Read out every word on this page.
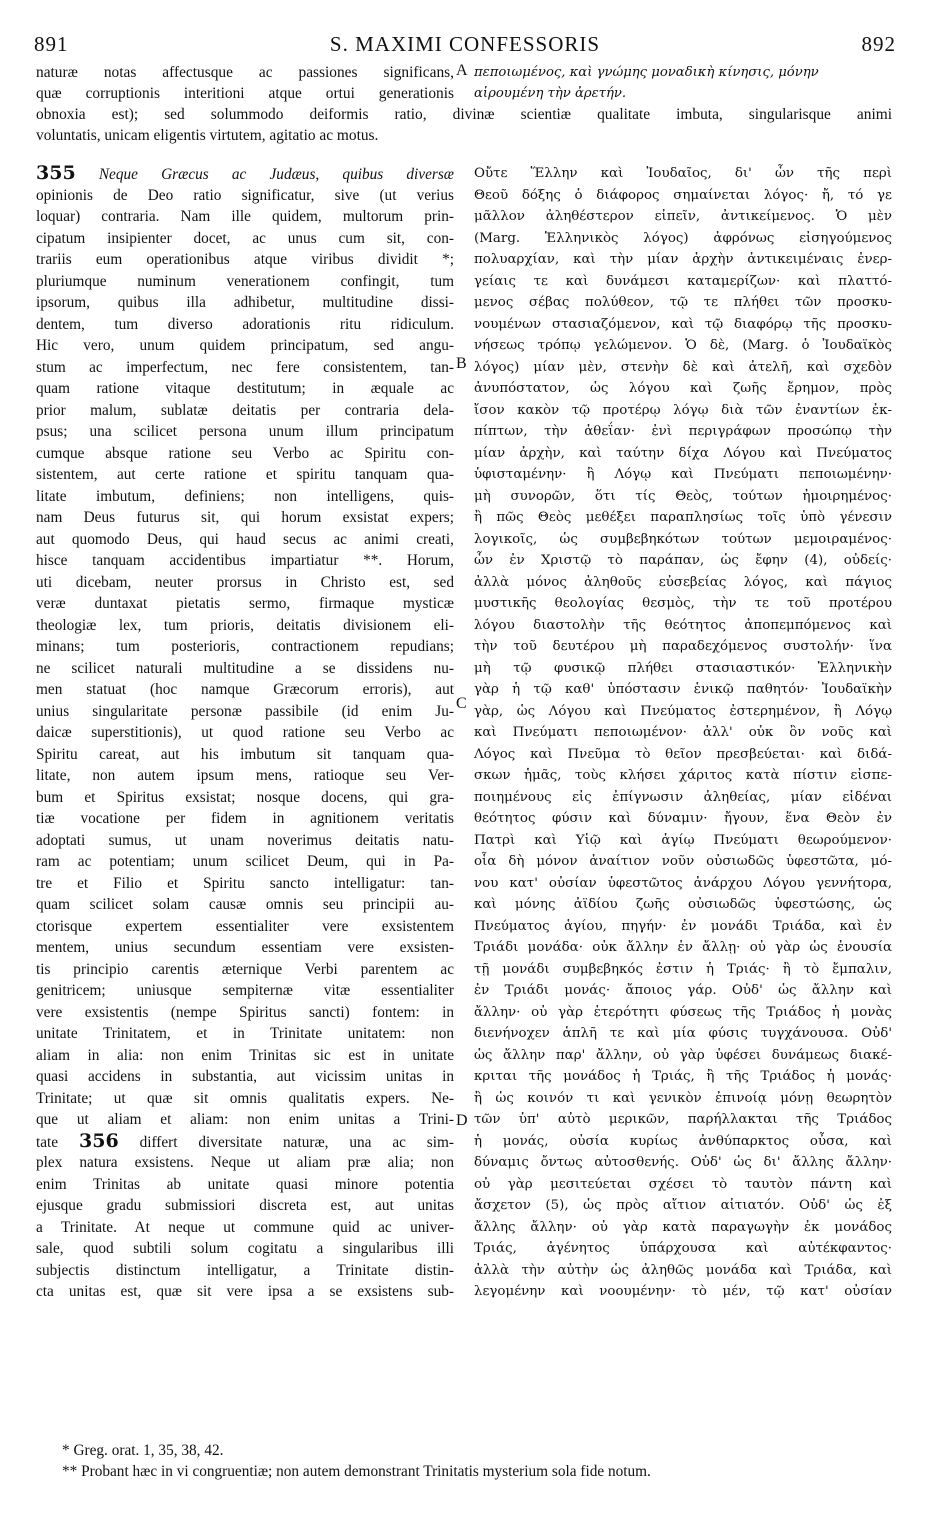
891	S. MAXIMI CONFESSORIS	892
naturæ notas affectusque ac passiones significans, πεποιωμένος, καὶ γνώμης μοναδικὴ κίνησις, μόνην
quæ corruptionis interitioni atque ortui generationis αἱρουμένη τὴν ἀρετήν.
obnoxia est); sed solummodo deiformis ratio, divinæ scientiæ qualitate imbuta, singularisque animi
voluntatis, unicam eligentis virtutem, agitatio ac motus.
A
B
C
D
355 Neque Græcus ac Judæus, quibus diversæ
opinionis de Deo ratio significatur, sive (ut verius
loquar) contraria. Nam ille quidem, multorum prin-
cipatum insipienter docet, ac unus cum sit, con-
trariis eum operationibus atque viribus dividit *;
pluriumque numinum venerationem confingit, tum
ipsorum, quibus illa adhibetur, multitudine dissi-
dentem, tum diverso adorationis ritu ridiculum.
Hic vero, unum quidem principatum, sed angu-
stum ac imperfectum, nec fere consistentem, tan-
quam ratione vitaque destitutum; in æquale ac
prior malum, sublatæ deitatis per contraria dela-
psus; una scilicet persona unum illum principatum
cumque absque ratione seu Verbo ac Spiritu con-
sistentem, aut certe ratione et spiritu tanquam qua-
litate imbutum, definiens; non intelligens, quis-
nam Deus futurus sit, qui horum exsistat expers;
aut quomodo Deus, qui haud secus ac animi creati,
hisce tanquam accidentibus impartiatur **. Horum,
uti dicebam, neuter prorsus in Christo est, sed
veræ duntaxat pietatis sermo, firmaque mysticæ
theologiæ lex, tum prioris, deitatis divisionem eli-
minans; tum posterioris, contractionem repudians;
ne scilicet naturali multitudine a se dissidens nu-
men statuat (hoc namque Græcorum erroris), aut
unius singularitate personæ passibile (id enim Ju-
daicæ superstitionis), ut quod ratione seu Verbo ac
Spiritu careat, aut his imbutum sit tanquam qua-
litate, non autem ipsum mens, ratioque seu Ver-
bum et Spiritus exsistat; nosque docens, qui gra-
tiæ vocatione per fidem in agnitionem veritatis
adoptati sumus, ut unam noverimus deitatis natu-
ram ac potentiam; unum scilicet Deum, qui in Pa-
tre et Filio et Spiritu sancto intelligatur: tan-
quam scilicet solam causæ omnis seu principii au-
ctorisque expertem essentialiter vere exsistentem
mentem, unius secundum essentiam vere exsisten-
tis principio carentis æternique Verbi parentem ac
genitricem; uniusque sempiternæ vitæ essentialiter
vere exsistentis (nempe Spiritus sancti) fontem: in
unitate Trinitatem, et in Trinitate unitatem: non
aliam in alia: non enim Trinitas sic est in unitate
quasi accidens in substantia, aut vicissim unitas in
Trinitate; ut quæ sit omnis qualitatis expers. Ne-
que ut aliam et aliam: non enim unitas a Trini-
tate 356 differt diversitate naturæ, una ac sim-
plex natura exsistens. Neque ut aliam præ alia; non
enim Trinitas ab unitate quasi minore potentia
ejusque gradu submissiori discreta est, aut unitas
a Trinitate. At neque ut commune quid ac univer-
sale, quod subtili solum cogitatu a singularibus illi
subjectis distinctum intelligatur, a Trinitate distin-
cta unitas est, quæ sit vere ipsa a se exsistens sub-
Οὔτε Ἕλλην καὶ Ἰουδαῖος, δι' ὧν τῆς περὶ
Θεοῦ δόξης ὁ διάφορος σημαίνεται λόγος· ἤ, τό γε
μᾶλλον ἀληθέστερον εἰπεῖν, ἀντικείμενος. Ὁ μὲν
(Marg. Ἑλληνικὸς λόγος) ἀφρόνως εἰσηγούμενος
πολυαρχίαν, καὶ τὴν μίαν ἀρχὴν ἀντικειμέναις ἐνερ-
γείαις τε καὶ δυνάμεσι καταμερίζων· καὶ πλαττό-
μενος σέβας πολύθεον, τῷ τε πλήθει τῶν προσκυ-
νουμένων στασιαζόμενον, καὶ τῷ διαφόρῳ τῆς προσκυ-
νήσεως τρόπῳ γελώμενον. Ὁ δὲ, (Marg. ὁ Ἰουδαϊκὸς
λόγος) μίαν μὲν, στενὴν δὲ καὶ ἀτελῆ, καὶ σχεδὸν
ἀνυπόστατον, ὡς λόγου καὶ ζωῆς ἔρημον, πρὸς
ἴσον κακὸν τῷ προτέρῳ λόγῳ διὰ τῶν ἐναντίων ἐκ-
πίπτων, τὴν ἀθεΐαν· ἐνὶ περιγράφων προσώπῳ τὴν
μίαν ἀρχὴν, καὶ ταύτην δίχα Λόγου καὶ Πνεύματος
ὑφισταμένην· ἢ Λόγῳ καὶ Πνεύματι πεποιωμένην·
μὴ συνορῶν, ὅτι τίς Θεὸς, τούτων ἠμοιρημένος·
ἢ πῶς Θεὸς μεθέξει παραπλησίως τοῖς ὑπὸ γένεσιν
λογικοῖς, ὡς συμβεβηκότων τούτων μεμοιραμένος·
ὧν ἐν Χριστῷ τὸ παράπαν, ὡς ἔφην (4), οὐδείς·
ἀλλὰ μόνος ἀληθοῦς εὐσεβείας λόγος, καὶ πάγιος
μυστικῆς θεολογίας θεσμὸς, τὴν τε τοῦ προτέρου
λόγου διαστολὴν τῆς θεότητος ἀποπεμπόμενος καὶ
τὴν τοῦ δευτέρου μὴ παραδεχόμενος συστολήν· ἵνα
μὴ τῷ φυσικῷ πλήθει στασιαστικόν· Ἑλληνικὴν
γὰρ ἡ τῷ καθ' ὑπόστασιν ἑνικῷ παθητόν· Ἰουδαϊκὴν
γὰρ, ὡς Λόγου καὶ Πνεύματος ἐστερημένον, ἢ Λόγῳ
καὶ Πνεύματι πεποιωμένον· ἀλλ' οὐκ ὂν νοῦς καὶ
Λόγος καὶ Πνεῦμα τὸ θεῖον πρεσβεύεται· καὶ διδά-
σκων ἡμᾶς, τοὺς κλήσει χάριτος κατὰ πίστιν εἰσπε-
ποιημένους εἰς ἐπίγνωσιν ἀληθείας, μίαν εἰδέναι
θεότητος φύσιν καὶ δύναμιν· ἤγουν, ἕνα Θεὸν ἐν
Πατρὶ καὶ Υἱῷ καὶ ἁγίῳ Πνεύματι θεωρούμενον·
οἷα δὴ μόνον ἀναίτιον νοῦν οὐσιωδῶς ὑφεστῶτα, μό-
νου κατ' οὐσίαν ὑφεστῶτος ἀνάρχου Λόγου γεννήτορα,
καὶ μόνης ἀϊδίου ζωῆς οὐσιωδῶς ὑφεστώσης, ὡς
Πνεύματος ἁγίου, πηγήν· ἐν μονάδι Τριάδα, καὶ ἐν
Τριάδι μονάδα· οὐκ ἄλλην ἐν ἄλλῃ· οὐ γὰρ ὡς ἐνουσία
τῇ μονάδι συμβεβηκός ἐστιν ἡ Τριάς· ἢ τὸ ἔμπαλιν,
ἐν Τριάδι μονάς· ἄποιος γάρ. Οὐδ' ὡς ἄλλην καὶ
ἄλλην· οὐ γὰρ ἑτερότητι φύσεως τῆς Τριάδος ἡ μονὰς
διενήνοχεν ἁπλῆ τε καὶ μία φύσις τυγχάνουσα. Οὐδ'
ὡς ἄλλην παρ' ἄλλην, οὐ γὰρ ὑφέσει δυνάμεως διακέ-
κριται τῆς μονάδος ἡ Τριάς, ἢ τῆς Τριάδος ἡ μονάς·
ἢ ὡς κοινόν τι καὶ γενικὸν ἐπινοίᾳ μόνῃ θεωρητὸν
τῶν ὑπ' αὐτὸ μερικῶν, παρήλλακται τῆς Τριάδος
ἡ μονάς, οὐσία κυρίως ἀνθύπαρκτος οὖσα, καὶ
δύναμις ὄντως αὐτοσθενής. Οὐδ' ὡς δι' ἄλλης ἄλλην·
οὐ γὰρ μεσιτεύεται σχέσει τὸ ταυτὸν πάντη καὶ
ἄσχετον (5), ὡς πρὸς αἴτιον αἰτιατόν. Οὐδ' ὡς ἐξ
ἄλλης ἄλλην· οὐ γὰρ κατὰ παραγωγὴν ἐκ μονάδος
Τριάς, ἀγένητος ὑπάρχουσα καὶ αὐτέκφαντος·
ἀλλὰ τὴν αὐτὴν ὡς ἀληθῶς μονάδα καὶ Τριάδα, καὶ
λεγομένην καὶ νοουμένην· τὸ μέν, τῷ κατ' οὐσίαν
* Greg. orat. 1, 35, 38, 42.
** Probant hæc in vi congruentiæ; non autem demonstrant Trinitatis mysterium sola fide notum.
